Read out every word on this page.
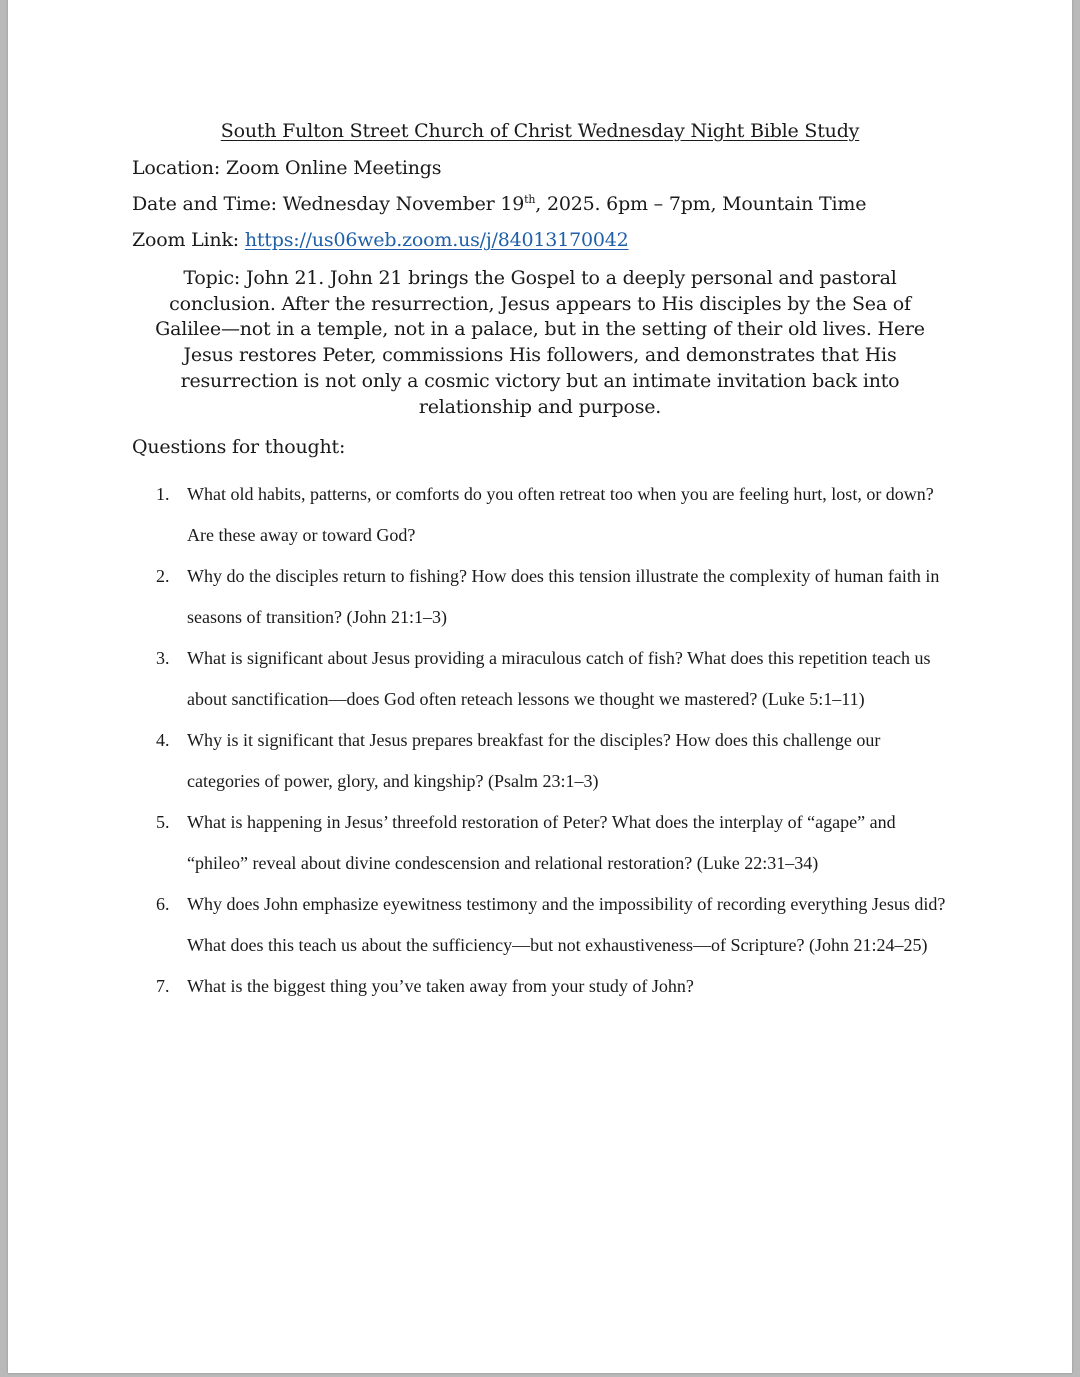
South Fulton Street Church of Christ Wednesday Night Bible Study
Location: Zoom Online Meetings
Date and Time: Wednesday November 19th, 2025. 6pm – 7pm, Mountain Time
Zoom Link: https://us06web.zoom.us/j/84013170042
Topic: John 21. John 21 brings the Gospel to a deeply personal and pastoral conclusion. After the resurrection, Jesus appears to His disciples by the Sea of Galilee—not in a temple, not in a palace, but in the setting of their old lives. Here Jesus restores Peter, commissions His followers, and demonstrates that His resurrection is not only a cosmic victory but an intimate invitation back into relationship and purpose.
Questions for thought:
1. What old habits, patterns, or comforts do you often retreat too when you are feeling hurt, lost, or down? Are these away or toward God?
2. Why do the disciples return to fishing? How does this tension illustrate the complexity of human faith in seasons of transition? (John 21:1–3)
3. What is significant about Jesus providing a miraculous catch of fish? What does this repetition teach us about sanctification—does God often reteach lessons we thought we mastered? (Luke 5:1–11)
4. Why is it significant that Jesus prepares breakfast for the disciples? How does this challenge our categories of power, glory, and kingship? (Psalm 23:1–3)
5. What is happening in Jesus’ threefold restoration of Peter? What does the interplay of “agape” and “phileo” reveal about divine condescension and relational restoration? (Luke 22:31–34)
6. Why does John emphasize eyewitness testimony and the impossibility of recording everything Jesus did? What does this teach us about the sufficiency—but not exhaustiveness—of Scripture? (John 21:24–25)
7. What is the biggest thing you’ve taken away from your study of John?
